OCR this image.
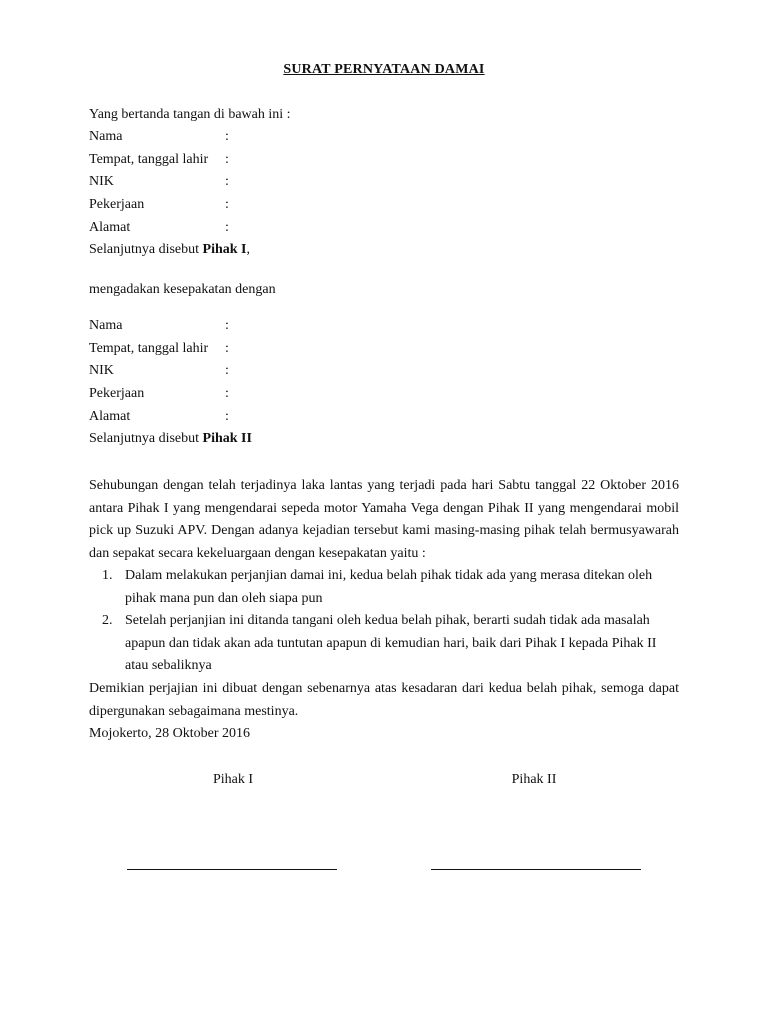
SURAT PERNYATAAN DAMAI
Yang bertanda tangan di bawah ini :
Nama	:
Tempat, tanggal lahir :
NIK	:
Pekerjaan	:
Alamat	:
Selanjutnya disebut Pihak I,
mengadakan kesepakatan dengan
Nama	:
Tempat, tanggal lahir :
NIK	:
Pekerjaan	:
Alamat	:
Selanjutnya disebut Pihak II
Sehubungan dengan telah terjadinya laka lantas yang terjadi pada hari Sabtu tanggal 22 Oktober 2016 antara Pihak I yang mengendarai sepeda motor Yamaha Vega dengan Pihak II yang mengendarai mobil pick up Suzuki APV. Dengan adanya kejadian tersebut kami masing-masing pihak telah bermusyawarah dan sepakat secara kekeluargaan dengan kesepakatan yaitu :
1. Dalam melakukan perjanjian damai ini, kedua belah pihak tidak ada yang merasa ditekan oleh pihak mana pun dan oleh siapa pun
2. Setelah perjanjian ini ditanda tangani oleh kedua belah pihak, berarti sudah tidak ada masalah apapun dan tidak akan ada tuntutan apapun di kemudian hari, baik dari Pihak I kepada Pihak II atau sebaliknya
Demikian perjajian ini dibuat dengan sebenarnya atas kesadaran dari kedua belah pihak, semoga dapat dipergunakan sebagaimana mestinya.
Mojokerto, 28 Oktober 2016
Pihak I	Pihak II
